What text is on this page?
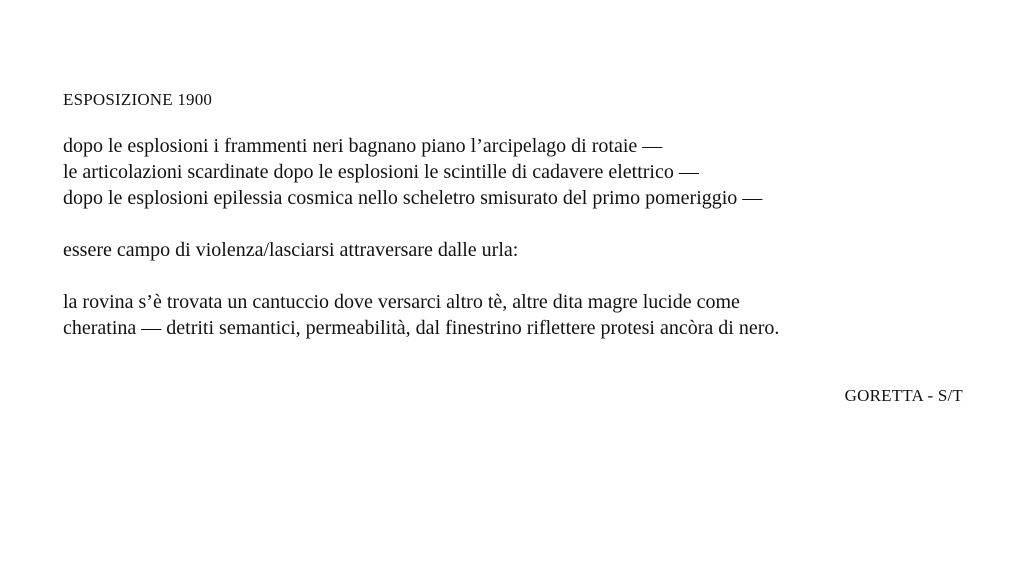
ESPOSIZIONE 1900
dopo le esplosioni i frammenti neri bagnano piano l’arcipelago di rotaie —
le articolazioni scardinate dopo le esplosioni le scintille di cadavere elettrico —
dopo le esplosioni epilessia cosmica nello scheletro smisurato del primo pomeriggio —
essere campo di violenza/lasciarsi attraversare dalle urla:
la rovina s’è trovata un cantuccio dove versarci altro tè, altre dita magre lucide come
cheratina — detriti semantici, permeabilità, dal finestrino riflettere protesi ancòra di nero.
GORETTA - S/T
